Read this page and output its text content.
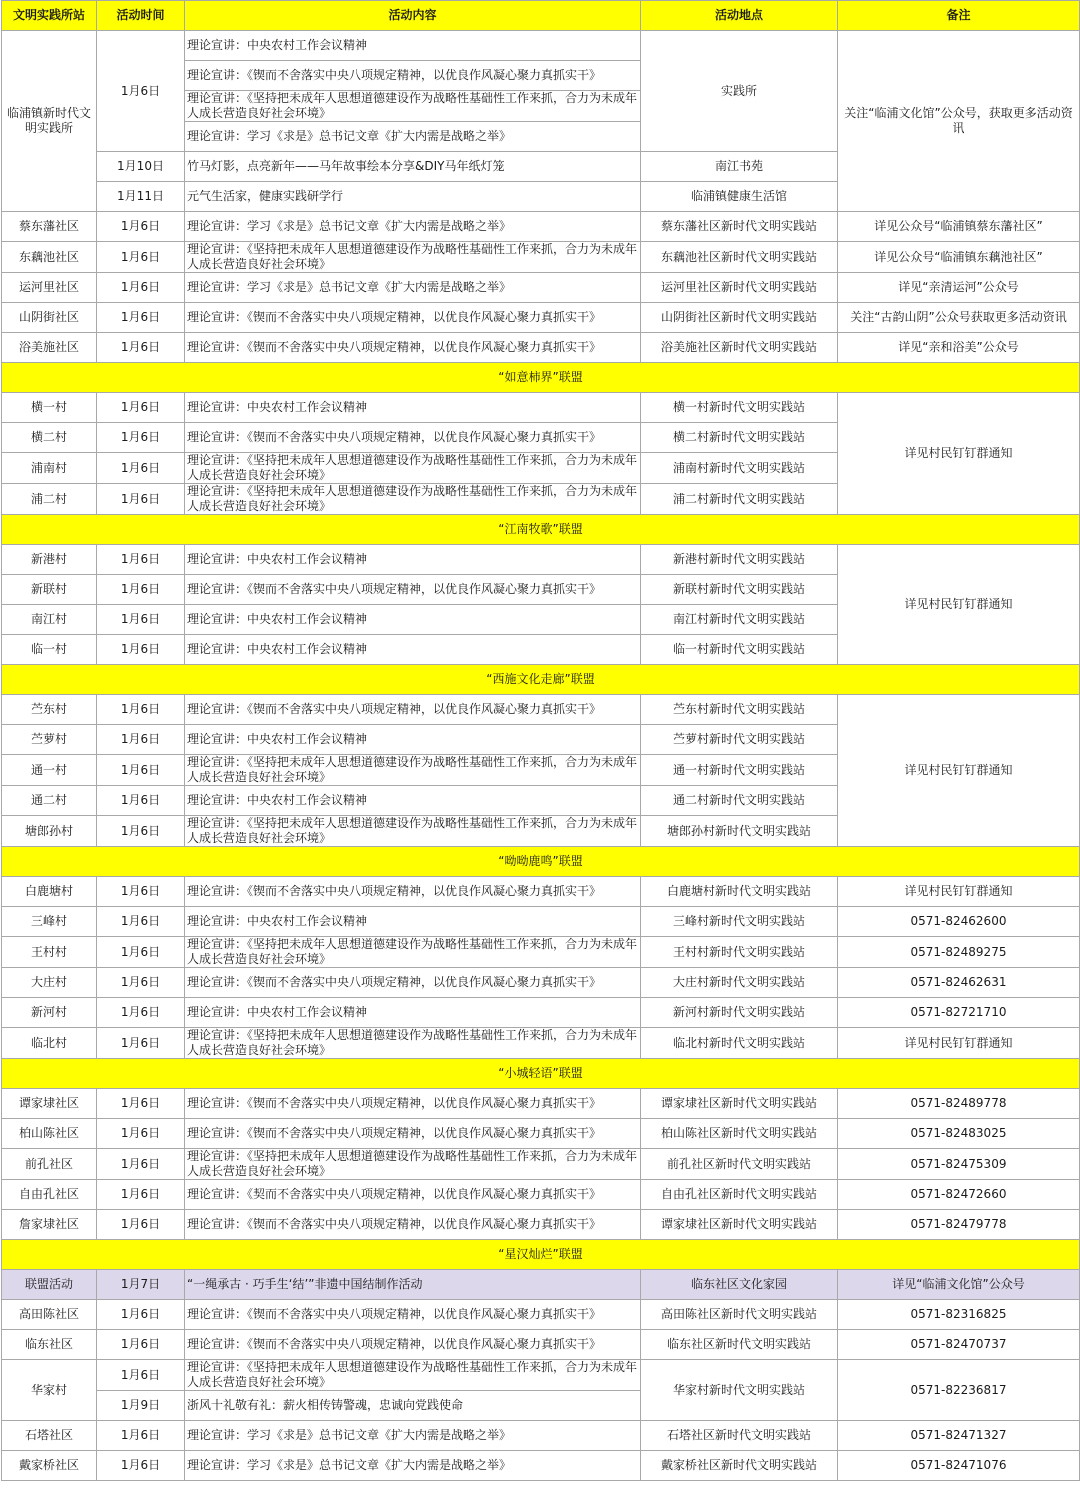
文明实践所站	活动时间	活动内容	活动地点	备注
临浦镇新时代文明实践所	1月6日	理论宣讲：中央农村工作会议精神	实践所	关注“临浦文化馆”公众号，获取更多活动资讯
		理论宣讲：《锲而不舍落实中央八项规定精神，以优良作风凝心聚力真抓实干》		
		理论宣讲：《坚持把未成年人思想道德建设作为战略性基础性工作来抓，合力为未成年人成长营造良好社会环境》		
		理论宣讲：学习《求是》总书记文章《扩大内需是战略之举》		
	1月10日	竹马灯影，点亮新年——马年故事绘本分享&DIY马年纸灯笼	南江书苑	
	1月11日	元气生活家，健康实践研学行	临浦镇健康生活馆	
蔡东藩社区	1月6日	理论宣讲：学习《求是》总书记文章《扩大内需是战略之举》	蔡东藩社区新时代文明实践站	详见公众号“临浦镇蔡东藩社区”
东藕池社区	1月6日	理论宣讲：《坚持把未成年人思想道德建设作为战略性基础性工作来抓，合力为未成年人成长营造良好社会环境》	东藕池社区新时代文明实践站	详见公众号“临浦镇东藕池社区”
运河里社区	1月6日	理论宣讲：学习《求是》总书记文章《扩大内需是战略之举》	运河里社区新时代文明实践站	详见“亲清运河”公众号
山阴街社区	1月6日	理论宣讲：《锲而不舍落实中央八项规定精神，以优良作风凝心聚力真抓实干》	山阴街社区新时代文明实践站	关注“古韵山阴”公众号获取更多活动资讯
浴美施社区	1月6日	理论宣讲：《锲而不舍落实中央八项规定精神，以优良作风凝心聚力真抓实干》	浴美施社区新时代文明实践站	详见“亲和浴美”公众号
“如意柿界”联盟				
横一村	1月6日	理论宣讲：中央农村工作会议精神	横一村新时代文明实践站	详见村民钉钉群通知
横二村	1月6日	理论宣讲：《锲而不舍落实中央八项规定精神，以优良作风凝心聚力真抓实干》	横二村新时代文明实践站	
浦南村	1月6日	理论宣讲：《坚持把未成年人思想道德建设作为战略性基础性工作来抓，合力为未成年人成长营造良好社会环境》	浦南村新时代文明实践站	
浦二村	1月6日	理论宣讲：《坚持把未成年人思想道德建设作为战略性基础性工作来抓，合力为未成年人成长营造良好社会环境》	浦二村新时代文明实践站	
“江南牧歌”联盟				
新港村	1月6日	理论宣讲：中央农村工作会议精神	新港村新时代文明实践站	详见村民钉钉群通知
新联村	1月6日	理论宣讲：《锲而不舍落实中央八项规定精神，以优良作风凝心聚力真抓实干》	新联村新时代文明实践站	
南江村	1月6日	理论宣讲：中央农村工作会议精神	南江村新时代文明实践站	
临一村	1月6日	理论宣讲：中央农村工作会议精神	临一村新时代文明实践站	
“西施文化走廊”联盟				
苎东村	1月6日	理论宣讲：《锲而不舍落实中央八项规定精神，以优良作风凝心聚力真抓实干》	苎东村新时代文明实践站	详见村民钉钉群通知
苎萝村	1月6日	理论宣讲：中央农村工作会议精神	苎萝村新时代文明实践站	
通一村	1月6日	理论宣讲：《坚持把未成年人思想道德建设作为战略性基础性工作来抓，合力为未成年人成长营造良好社会环境》	通一村新时代文明实践站	
通二村	1月6日	理论宣讲：中央农村工作会议精神	通二村新时代文明实践站	
塘郎孙村	1月6日	理论宣讲：《坚持把未成年人思想道德建设作为战略性基础性工作来抓，合力为未成年人成长营造良好社会环境》	塘郎孙村新时代文明实践站	
“呦呦鹿鸣”联盟				
白鹿塘村	1月6日	理论宣讲：《锲而不舍落实中央八项规定精神，以优良作风凝心聚力真抓实干》	白鹿塘村新时代文明实践站	详见村民钉钉群通知
三峰村	1月6日	理论宣讲：中央农村工作会议精神	三峰村新时代文明实践站	0571-82462600
王村村	1月6日	理论宣讲：《坚持把未成年人思想道德建设作为战略性基础性工作来抓，合力为未成年人成长营造良好社会环境》	王村村新时代文明实践站	0571-82489275
大庄村	1月6日	理论宣讲：《锲而不舍落实中央八项规定精神，以优良作风凝心聚力真抓实干》	大庄村新时代文明实践站	0571-82462631
新河村	1月6日	理论宣讲：中央农村工作会议精神	新河村新时代文明实践站	0571-82721710
临北村	1月6日	理论宣讲：《坚持把未成年人思想道德建设作为战略性基础性工作来抓，合力为未成年人成长营造良好社会环境》	临北村新时代文明实践站	详见村民钉钉群通知
“小城轻语”联盟				
谭家埭社区	1月6日	理论宣讲：《锲而不舍落实中央八项规定精神，以优良作风凝心聚力真抓实干》	谭家埭社区新时代文明实践站	0571-82489778
柏山陈社区	1月6日	理论宣讲：《锲而不舍落实中央八项规定精神，以优良作风凝心聚力真抓实干》	柏山陈社区新时代文明实践站	0571-82483025
前孔社区	1月6日	理论宣讲：《坚持把未成年人思想道德建设作为战略性基础性工作来抓，合力为未成年人成长营造良好社会环境》	前孔社区新时代文明实践站	0571-82475309
自由孔社区	1月6日	理论宣讲：《契而不舍落实中央八项规定精神，以优良作风凝心聚力真抓实干》	自由孔社区新时代文明实践站	0571-82472660
詹家埭社区	1月6日	理论宣讲：《锲而不舍落实中央八项规定精神，以优良作风凝心聚力真抓实干》	谭家埭社区新时代文明实践站	0571-82479778
“星汉灿烂”联盟				
联盟活动	1月7日	“一绳承古 · 巧手生‘结’”非遗中国结制作活动	临东社区文化家园	详见“临浦文化馆”公众号
高田陈社区	1月6日	理论宣讲：《锲而不舍落实中央八项规定精神，以优良作风凝心聚力真抓实干》	高田陈社区新时代文明实践站	0571-82316825
临东社区	1月6日	理论宣讲：《锲而不舍落实中央八项规定精神，以优良作风凝心聚力真抓实干》	临东社区新时代文明实践站	0571-82470737
华家村	1月6日	理论宣讲：《坚持把未成年人思想道德建设作为战略性基础性工作来抓，合力为未成年人成长营造良好社会环境》	华家村新时代文明实践站	0571-82236817
	1月9日	浙风十礼敬有礼：薪火相传铸警魂，忠诚向党践使命		
石塔社区	1月6日	理论宣讲：学习《求是》总书记文章《扩大内需是战略之举》	石塔社区新时代文明实践站	0571-82471327
戴家桥社区	1月6日	理论宣讲：学习《求是》总书记文章《扩大内需是战略之举》	戴家桥社区新时代文明实践站	0571-82471076
